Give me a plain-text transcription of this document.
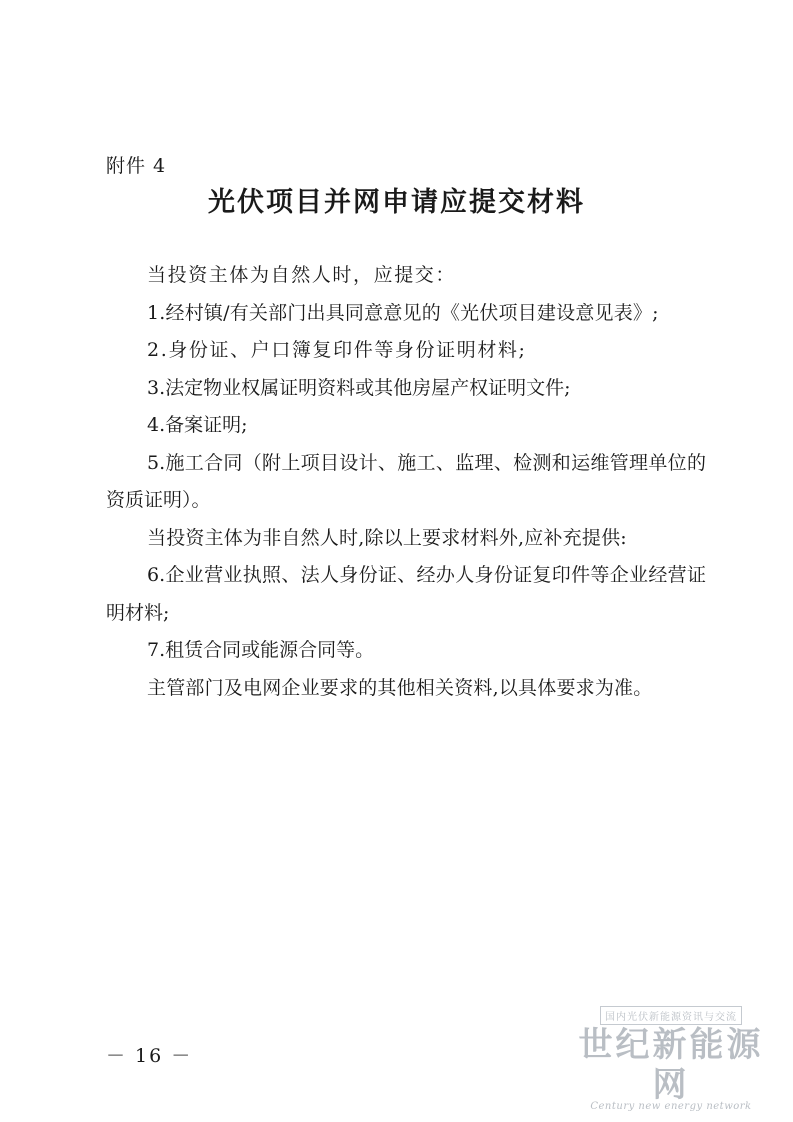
附件 4
光伏项目并网申请应提交材料

当投资主体为自然人时，应提交：

1.经村镇/有关部门出具同意意见的《光伏项目建设意见表》;

2.身份证、户口簿复印件等身份证明材料;

3.法定物业权属证明资料或其他房屋产权证明文件;

4.备案证明;

5.施工合同（附上项目设计、施工、监理、检测和运维管理单位的资质证明）。

当投资主体为非自然人时,除以上要求材料外,应补充提供:

6.企业营业执照、法人身份证、经办人身份证复印件等企业经营证明材料;

7.租赁合同或能源合同等。

主管部门及电网企业要求的其他相关资料,以具体要求为准。

－ 16 －
国内光伏新能源资讯与交流
世纪新能源网
Century new energy network
